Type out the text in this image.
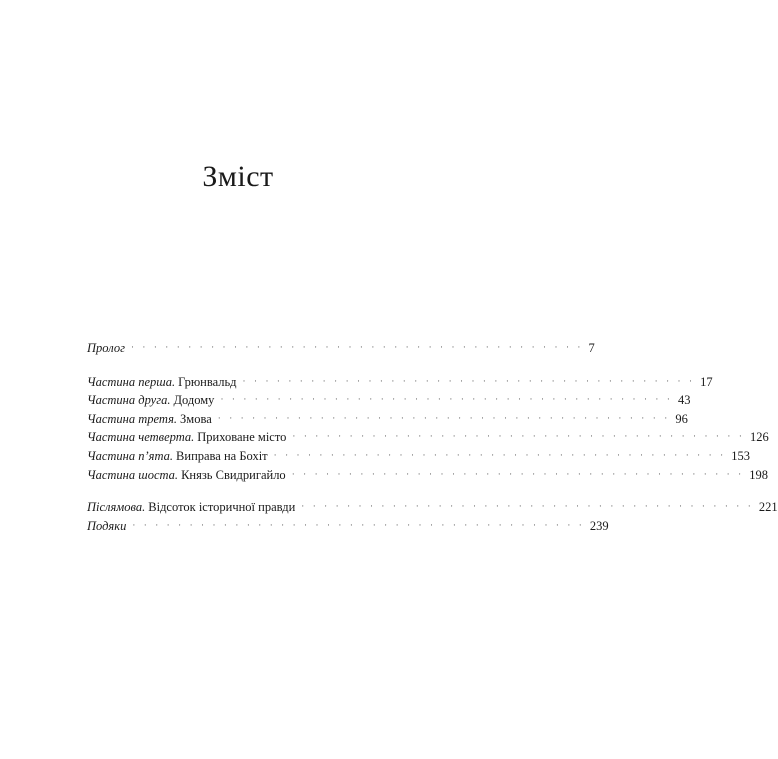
Зміст
Пролог · · · · · · · · · · · · · · · · · · · · · · · · · · · · · · · · · · · · · · · · 7
Частина перша. Грюнвальд · · · · · · · · · · · · · · · · · · · · · · · · · · · · · · · · · · · · · · · · 17
Частина друга. Додому · · · · · · · · · · · · · · · · · · · · · · · · · · · · · · · · · · · · · · · · 43
Частина третя. Змова · · · · · · · · · · · · · · · · · · · · · · · · · · · · · · · · · · · · · · · · 96
Частина четверта. Приховане місто · · · · · · · · · · · · · · · · · · · · · · · · · · · · · · · · · · · · · · · · 126
Частина п’ята. Виправа на Бохіт · · · · · · · · · · · · · · · · · · · · · · · · · · · · · · · · · · · · · · · · 153
Частина шоста. Князь Свидригайло · · · · · · · · · · · · · · · · · · · · · · · · · · · · · · · · · · · · · · · · 198
Післямова. Відсоток історичної правди · · · · · · · · · · · · · · · · · · · · · · · · · · · · · · · · · · · · · · · · 221
Подяки · · · · · · · · · · · · · · · · · · · · · · · · · · · · · · · · · · · · · · · · 239
